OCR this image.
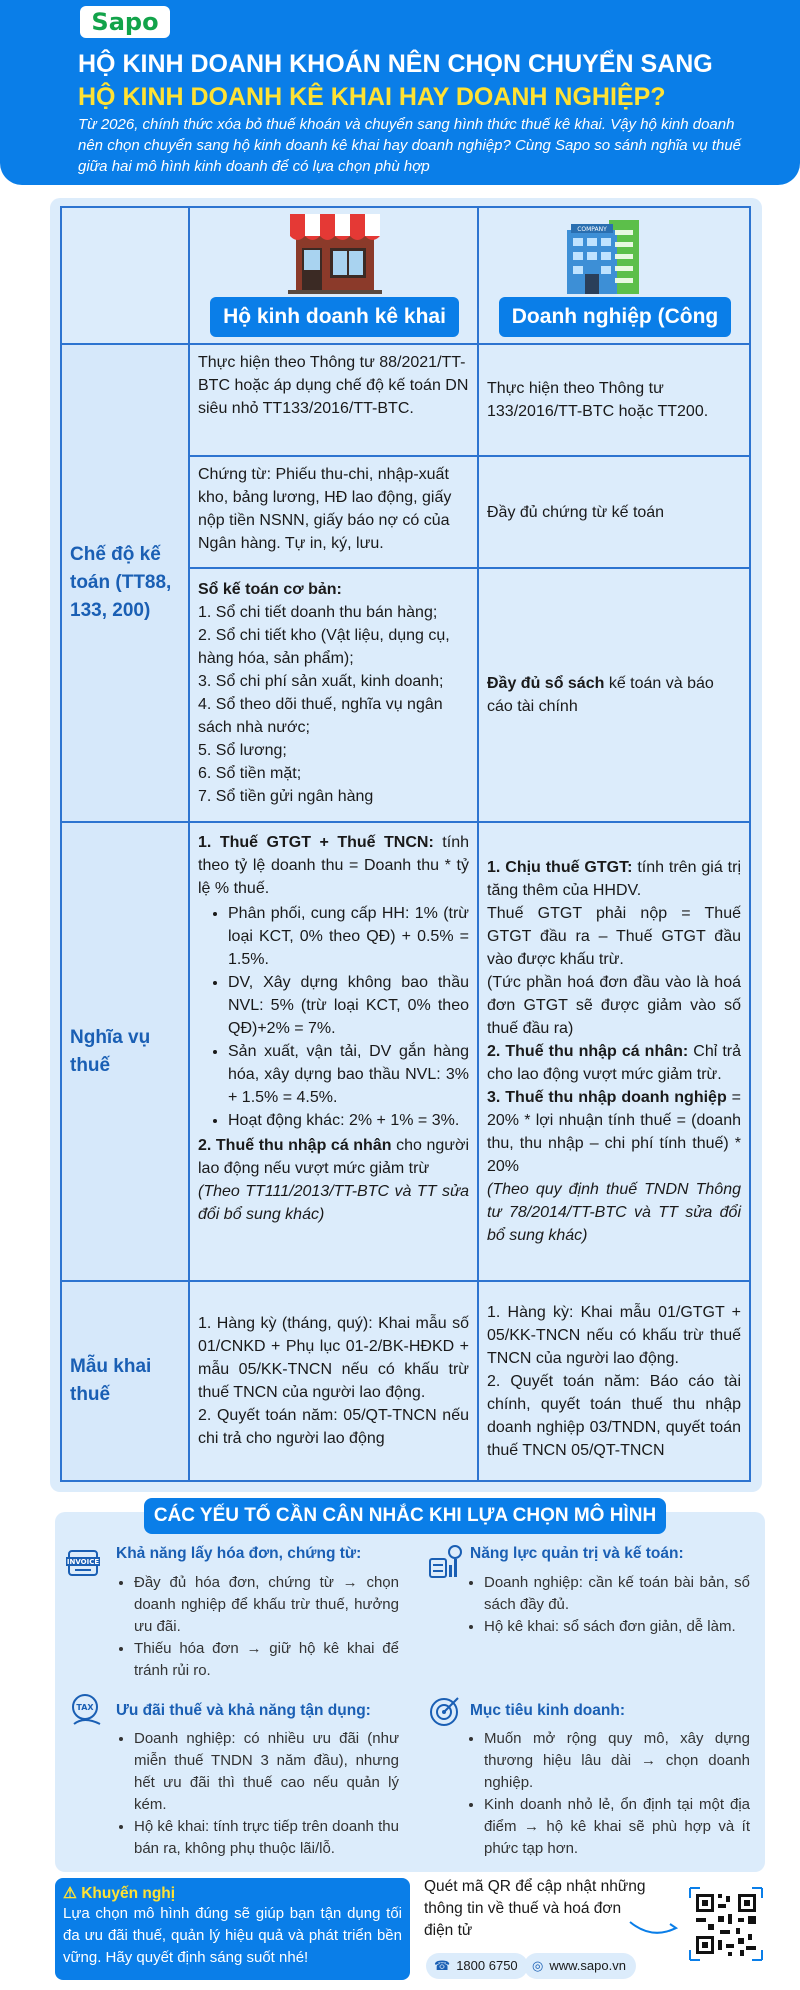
Sapo
HỘ KINH DOANH KHOÁN NÊN CHỌN CHUYỂN SANG
HỘ KINH DOANH KÊ KHAI HAY DOANH NGHIỆP?
Từ 2026, chính thức xóa bỏ thuế khoán và chuyển sang hình thức thuế kê khai. Vậy hộ kinh doanh nên chọn chuyển sang hộ kinh doanh kê khai hay doanh nghiệp? Cùng Sapo so sánh nghĩa vụ thuế giữa hai mô hình kinh doanh để có lựa chọn phù hợp
Hộ kinh doanh kê khai
COMPANY
Doanh nghiệp (Công
Chế độ kế toán (TT88, 133, 200)
Thực hiện theo Thông tư 88/2021/TT-BTC hoặc áp dụng chế độ kế toán DN siêu nhỏ TT133/2016/TT-BTC.
Thực hiện theo Thông tư 133/2016/TT-BTC hoặc TT200.
Chứng từ: Phiếu thu-chi, nhập-xuất kho, bảng lương, HĐ lao động, giấy nộp tiền NSNN, giấy báo nợ có của Ngân hàng. Tự in, ký, lưu.
Đầy đủ chứng từ kế toán
Sổ kế toán cơ bản:
1. Sổ chi tiết doanh thu bán hàng;
2. Sổ chi tiết kho (Vật liệu, dụng cụ, hàng hóa, sản phẩm);
3. Sổ chi phí sản xuất, kinh doanh;
4. Sổ theo dõi thuế, nghĩa vụ ngân sách nhà nước;
5. Sổ lương;
6. Sổ tiền mặt;
7. Sổ tiền gửi ngân hàng
Đầy đủ sổ sách kế toán và báo cáo tài chính
Nghĩa vụ thuế
1. Thuế GTGT + Thuế TNCN: tính theo tỷ lệ doanh thu = Doanh thu * tỷ lệ % thuế.
• Phân phối, cung cấp HH: 1% (trừ loại KCT, 0% theo QĐ) + 0.5% = 1.5%.
• DV, Xây dựng không bao thầu NVL: 5% (trừ loại KCT, 0% theo QĐ)+2% = 7%.
• Sản xuất, vận tải, DV gắn hàng hóa, xây dựng bao thầu NVL: 3% + 1.5% = 4.5%.
• Hoạt động khác: 2% + 1% = 3%.
2. Thuế thu nhập cá nhân cho người lao động nếu vượt mức giảm trừ
(Theo TT111/2013/TT-BTC và TT sửa đổi bổ sung khác)
1. Chịu thuế GTGT: tính trên giá trị tăng thêm của HHDV.
Thuế GTGT phải nộp = Thuế GTGT đầu ra – Thuế GTGT đầu vào được khấu trừ.
(Tức phần hoá đơn đầu vào là hoá đơn GTGT sẽ được giảm vào số thuế đầu ra)
2. Thuế thu nhập cá nhân: Chỉ trả cho lao động vượt mức giảm trừ.
3. Thuế thu nhập doanh nghiệp = 20% * lợi nhuận tính thuế = (doanh thu, thu nhập – chi phí tính thuế) * 20%
(Theo quy định thuế TNDN Thông tư 78/2014/TT-BTC và TT sửa đổi bổ sung khác)
Mẫu khai thuế
1. Hàng kỳ (tháng, quý): Khai mẫu số 01/CNKD + Phụ lục 01-2/BK-HĐKD + mẫu 05/KK-TNCN nếu có khấu trừ thuế TNCN của người lao động.
2. Quyết toán năm: 05/QT-TNCN nếu chi trả cho người lao động
1. Hàng kỳ: Khai mẫu 01/GTGT + 05/KK-TNCN nếu có khấu trừ thuế TNCN của người lao động.
2. Quyết toán năm: Báo cáo tài chính, quyết toán thuế thu nhập doanh nghiệp 03/TNDN, quyết toán thuế TNCN 05/QT-TNCN
CÁC YẾU TỐ CẦN CÂN NHẮC KHI LỰA CHỌN MÔ HÌNH
INVOICE Khả năng lấy hóa đơn, chứng từ:
• Đầy đủ hóa đơn, chứng từ → chọn doanh nghiệp để khấu trừ thuế, hưởng ưu đãi.
• Thiếu hóa đơn → giữ hộ kê khai để tránh rủi ro.
Năng lực quản trị và kế toán:
• Doanh nghiệp: cần kế toán bài bản, sổ sách đầy đủ.
• Hộ kê khai: sổ sách đơn giản, dễ làm.
TAX Ưu đãi thuế và khả năng tận dụng:
• Doanh nghiệp: có nhiều ưu đãi (như miễn thuế TNDN 3 năm đầu), nhưng hết ưu đãi thì thuế cao nếu quản lý kém.
• Hộ kê khai: tính trực tiếp trên doanh thu bán ra, không phụ thuộc lãi/lỗ.
Mục tiêu kinh doanh:
• Muốn mở rộng quy mô, xây dựng thương hiệu lâu dài → chọn doanh nghiệp.
• Kinh doanh nhỏ lẻ, ổn định tại một địa điểm → hộ kê khai sẽ phù hợp và ít phức tạp hơn.
⚠ Khuyến nghị
Lựa chọn mô hình đúng sẽ giúp bạn tận dụng tối đa ưu đãi thuế, quản lý hiệu quả và phát triển bền vững. Hãy quyết định sáng suốt nhé!
Quét mã QR để cập nhật những thông tin về thuế và hoá đơn điện tử
☎ 1800 6750	◎ www.sapo.vn
